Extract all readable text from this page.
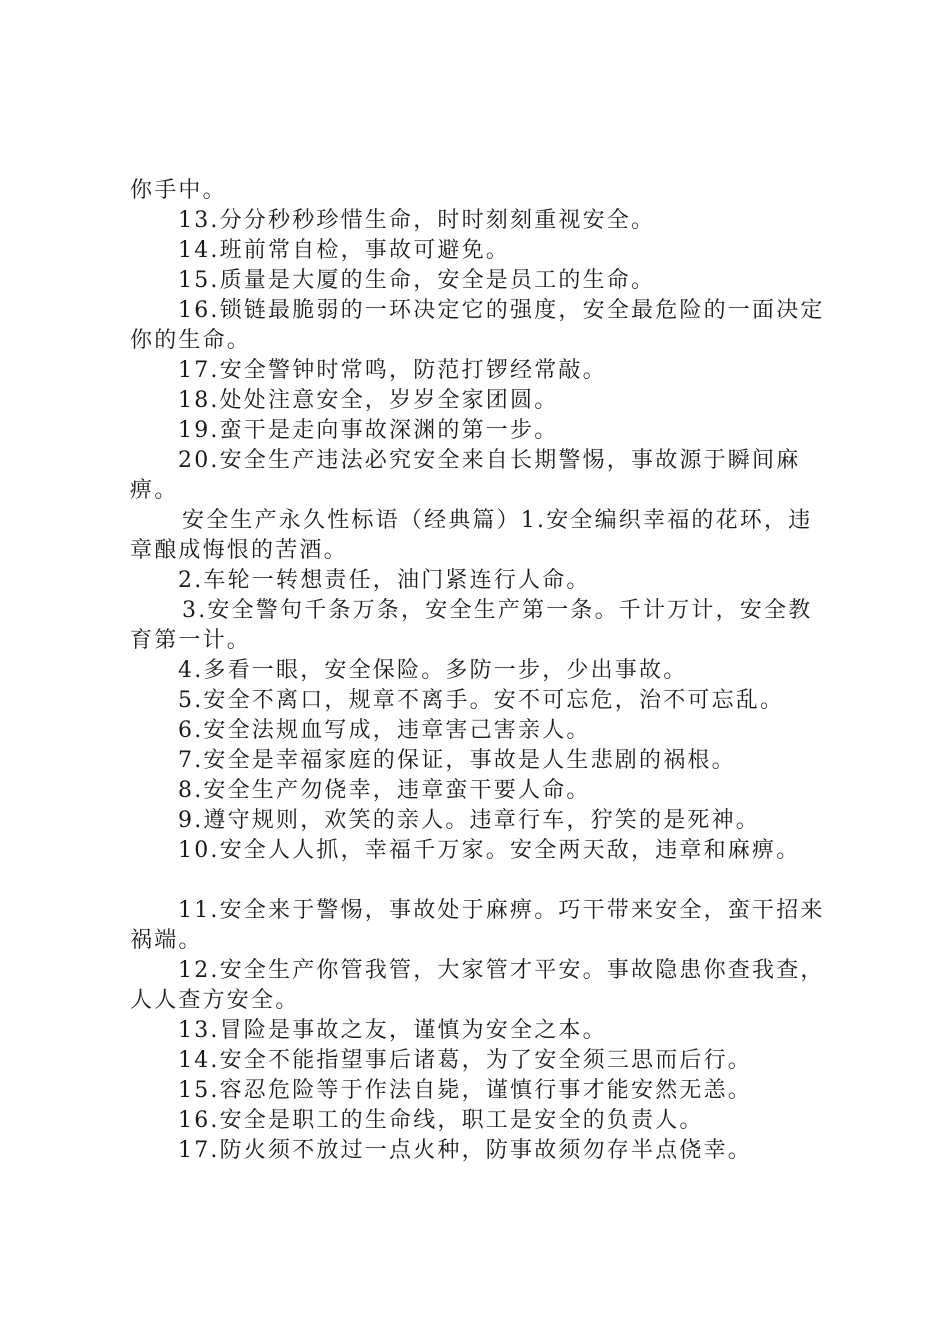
你手中。

13.分分秒秒珍惜生命，时时刻刻重视安全。

14.班前常自检，事故可避免。

15.质量是大厦的生命，安全是员工的生命。

16.锁链最脆弱的一环决定它的强度，安全最危险的一面决定你的生命。

17.安全警钟时常鸣，防范打锣经常敲。

18.处处注意安全，岁岁全家团圆。

19.蛮干是走向事故深渊的第一步。

20.安全生产违法必究安全来自长期警惕，事故源于瞬间麻痹。

安全生产永久性标语（经典篇）1.安全编织幸福的花环，违章酿成悔恨的苦酒。

2.车轮一转想责任，油门紧连行人命。

3.安全警句千条万条，安全生产第一条。千计万计，安全教育第一计。

4.多看一眼，安全保险。多防一步，少出事故。

5.安全不离口，规章不离手。安不可忘危，治不可忘乱。

6.安全法规血写成，违章害己害亲人。

7.安全是幸福家庭的保证，事故是人生悲剧的祸根。

8.安全生产勿侥幸，违章蛮干要人命。

9.遵守规则，欢笑的亲人。违章行车，狞笑的是死神。

10.安全人人抓，幸福千万家。安全两天敌，违章和麻痹。

11.安全来于警惕，事故处于麻痹。巧干带来安全，蛮干招来祸端。

12.安全生产你管我管，大家管才平安。事故隐患你查我查，人人查方安全。

13.冒险是事故之友，谨慎为安全之本。

14.安全不能指望事后诸葛，为了安全须三思而后行。

15.容忍危险等于作法自毙，谨慎行事才能安然无恙。

16.安全是职工的生命线，职工是安全的负责人。

17.防火须不放过一点火种，防事故须勿存半点侥幸。
